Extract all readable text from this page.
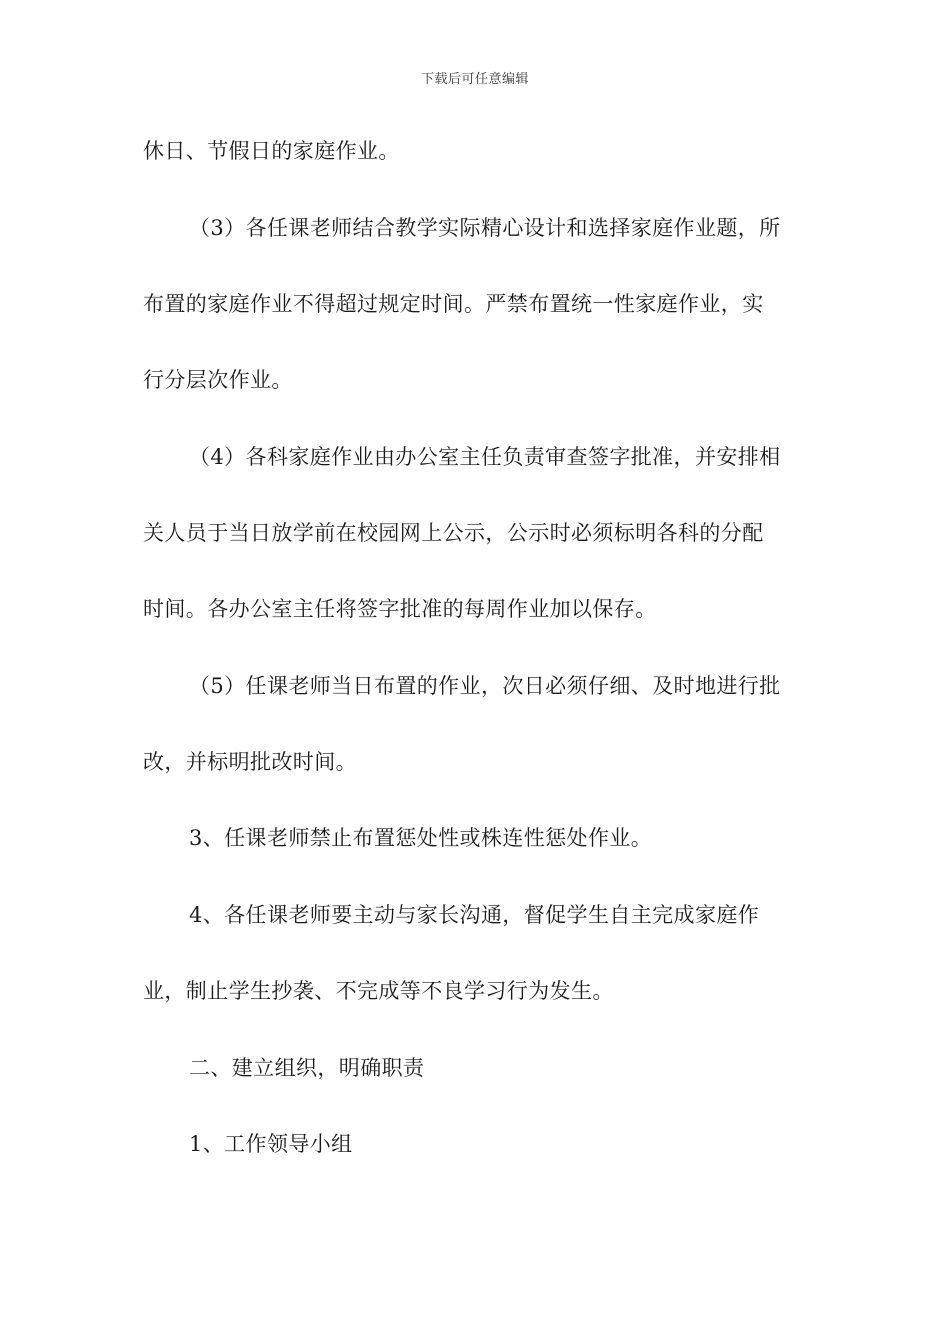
下载后可任意编辑
休日、节假日的家庭作业。
（3）各任课老师结合教学实际精心设计和选择家庭作业题，所
布置的家庭作业不得超过规定时间。严禁布置统一性家庭作业，实
行分层次作业。
（4）各科家庭作业由办公室主任负责审查签字批准，并安排相
关人员于当日放学前在校园网上公示，公示时必须标明各科的分配
时间。各办公室主任将签字批准的每周作业加以保存。
（5）任课老师当日布置的作业，次日必须仔细、及时地进行批
改，并标明批改时间。
3、任课老师禁止布置惩处性或株连性惩处作业。
4、各任课老师要主动与家长沟通，督促学生自主完成家庭作
业，制止学生抄袭、不完成等不良学习行为发生。
二、建立组织，明确职责
1、工作领导小组
